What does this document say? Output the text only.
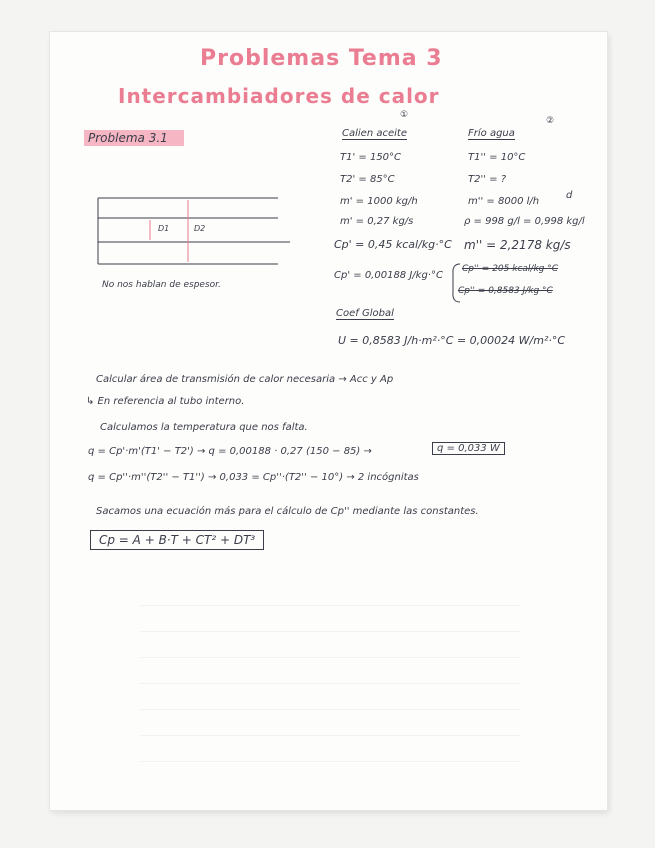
Problemas Tema 3
Intercambiadores de calor
Problema 3.1
D1	D2
No nos hablan de espesor.
①
Calien aceite
T1' = 150°C
T2' = 85°C
m' = 1000 kg/h
m' = 0,27 kg/s
Cp' = 0,45 kcal/kg·°C
Cp' = 0,00188 J/kg·°C
②
Frío agua
T1'' = 10°C
T2'' = ?
m'' = 8000 l/h
d
ρ = 998 g/l = 0,998 kg/l
m'' = 2,2178 kg/s
Cp'' = 205 kcal/kg °C
Cp'' = 0,8583 J/kg °C
Coef Global
U = 0,8583 J/h·m²·°C = 0,00024 W/m²·°C
Calcular área de transmisión de calor necesaria → Acc y Ap
↳ En referencia al tubo interno.
Calculamos la temperatura que nos falta.
q = Cp'·m'(T1' − T2') → q = 0,00188 · 0,27 (150 − 85) →	q = 0,033 W
q = Cp''·m''(T2'' − T1'') → 0,033 = Cp''·(T2'' − 10°) → 2 incógnitas
Sacamos una ecuación más para el cálculo de Cp'' mediante las constantes.
Cp = A + B·T + CT² + DT³
